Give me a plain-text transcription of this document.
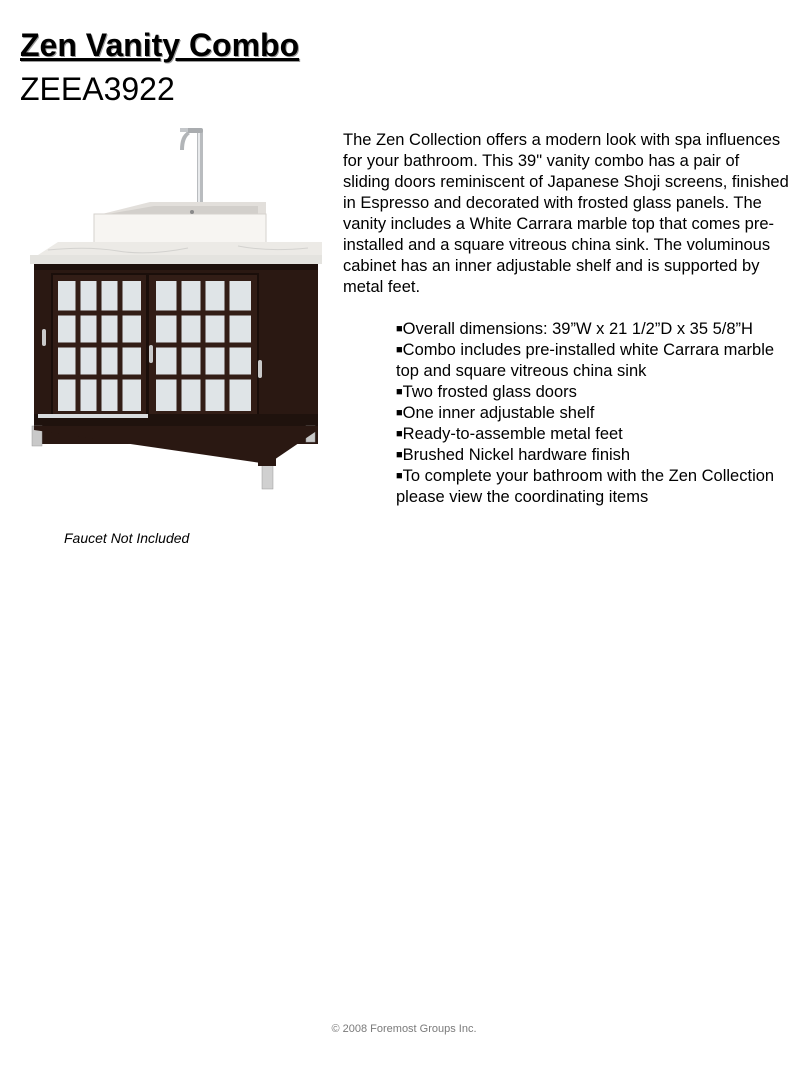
Zen Vanity Combo
ZEEA3922
Faucet Not Included

The Zen Collection offers a modern look with spa influences for your bathroom. This 39" vanity combo has a pair of sliding doors reminiscent of Japanese Shoji screens, finished in Espresso and decorated with frosted glass panels. The vanity includes a White Carrara marble top that comes pre-installed and a square vitreous china sink. The voluminous cabinet has an inner adjustable shelf and is supported by metal feet.

■Overall dimensions: 39”W x 21 1/2”D x 35 5/8”H
■Combo includes pre-installed white Carrara marble top and square vitreous china sink
■Two frosted glass doors
■One inner adjustable shelf
■Ready-to-assemble metal feet
■Brushed Nickel hardware finish
■To complete your bathroom with the Zen Collection please view the coordinating items
© 2008 Foremost Groups Inc.
